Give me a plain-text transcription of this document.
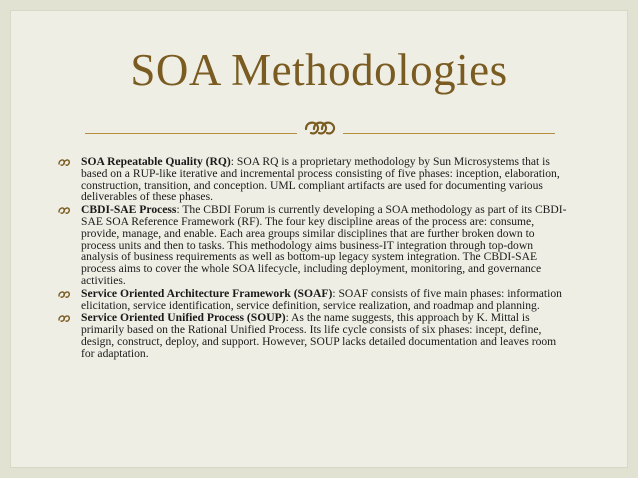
SOA Methodologies
SOA Repeatable Quality (RQ): SOA RQ is a proprietary methodology by Sun Microsystems that is based on a RUP-like iterative and incremental process consisting of five phases: inception, elaboration, construction, transition, and conception. UML compliant artifacts are used for documenting various deliverables of these phases.
CBDI-SAE Process: The CBDI Forum is currently developing a SOA methodology as part of its CBDI-SAE SOA Reference Framework (RF). The four key discipline areas of the process are: consume, provide, manage, and enable. Each area groups similar disciplines that are further broken down to process units and then to tasks. This methodology aims business-IT integration through top-down analysis of business requirements as well as bottom-up legacy system integration. The CBDI-SAE process aims to cover the whole SOA lifecycle, including deployment, monitoring, and governance activities.
Service Oriented Architecture Framework (SOAF): SOAF consists of five main phases: information elicitation, service identification, service definition, service realization, and roadmap and planning.
Service Oriented Unified Process (SOUP): As the name suggests, this approach by K. Mittal is primarily based on the Rational Unified Process. Its life cycle consists of six phases: incept, define, design, construct, deploy, and support. However, SOUP lacks detailed documentation and leaves room for adaptation.
